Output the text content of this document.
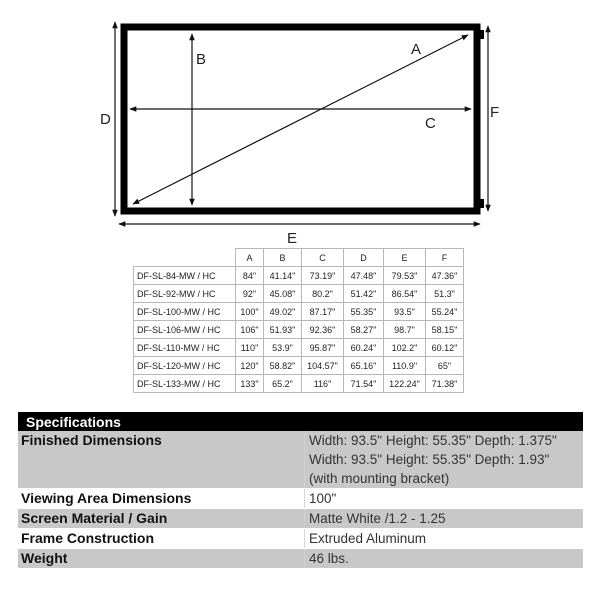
A
B
C
D
E
F
	A	B	C	D	E	F
DF-SL-84-MW / HC	84"	41.14"	73.19"	47.48"	79.53"	47.36"
DF-SL-92-MW / HC	92"	45.08"	80.2"	51.42"	86.54"	51.3"
DF-SL-100-MW / HC	100"	49.02"	87.17"	55.35"	93.5"	55.24"
DF-SL-106-MW / HC	106"	51.93"	92.36"	58.27"	98.7"	58.15"
DF-SL-110-MW / HC	110"	53.9"	95.87"	60.24"	102.2"	60.12"
DF-SL-120-MW / HC	120"	58.82"	104.57"	65.16"	110.9"	65"
DF-SL-133-MW / HC	133"	65.2"	116"	71.54"	122.24"	71.38"
Specifications
Finished Dimensions	Width: 93.5" Height: 55.35" Depth: 1.375"
Width: 93.5" Height: 55.35" Depth: 1.93"
(with mounting bracket)
Viewing Area Dimensions	100"
Screen Material / Gain	Matte White /1.2 - 1.25
Frame Construction	Extruded Aluminum
Weight	46 lbs.
